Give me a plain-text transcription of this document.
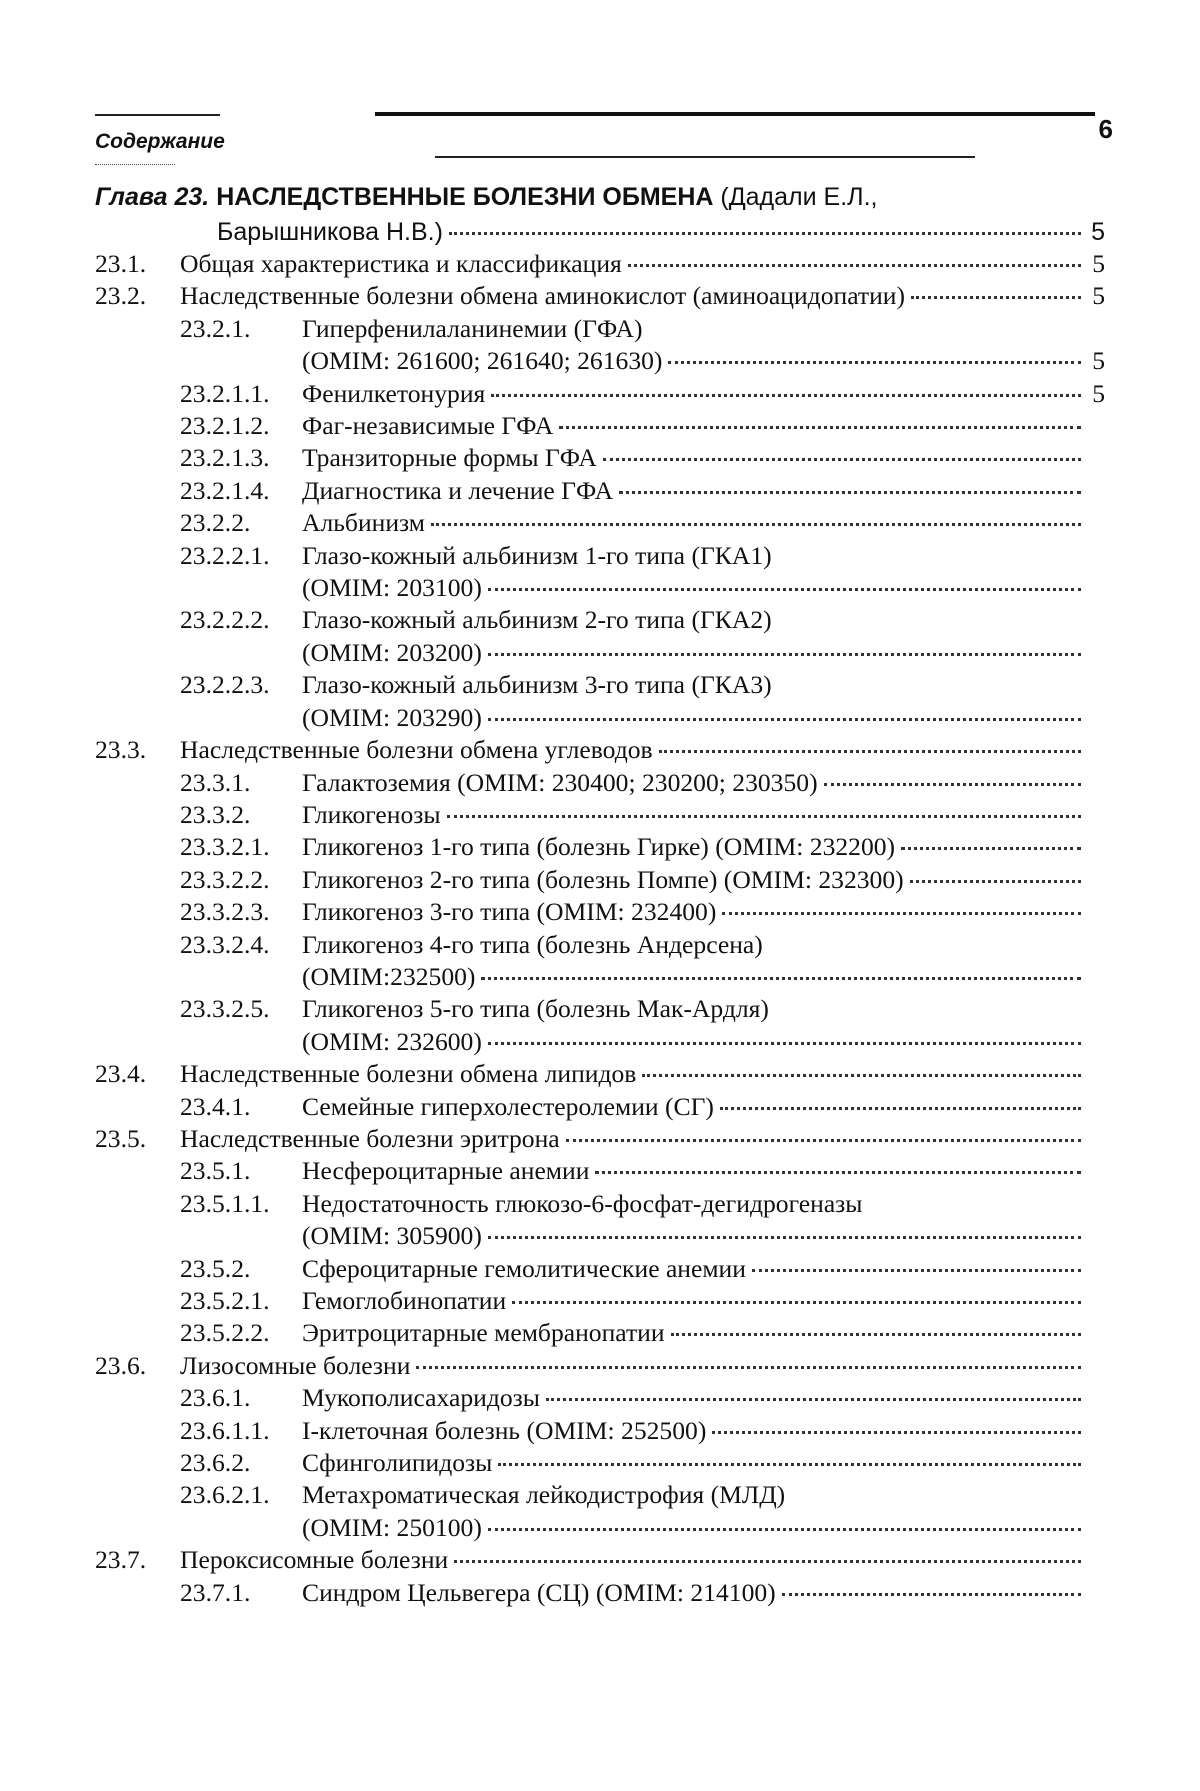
Содержание	6
Глава 23. НАСЛЕДСТВЕННЫЕ БОЛЕЗНИ ОБМЕНА (Дадали Е.Л.,
Барышникова Н.В.)	5
23.1.	Общая характеристика и классификация	5
23.2.	Наследственные болезни обмена аминокислот (аминоацидопатии)	5
23.2.1.	Гиперфенилаланинемии (ГФА)
(OMIM: 261600; 261640; 261630)	5
23.2.1.1.	Фенилкетонурия	5
23.2.1.2.	Фаг-независимые ГФА
23.2.1.3.	Транзиторные формы ГФА
23.2.1.4.	Диагностика и лечение ГФА
23.2.2.	Альбинизм
23.2.2.1.	Глазо-кожный альбинизм 1-го типа (ГКА1)
(OMIM: 203100)
23.2.2.2.	Глазо-кожный альбинизм 2-го типа (ГКА2)
(OMIM: 203200)
23.2.2.3.	Глазо-кожный альбинизм 3-го типа (ГКА3)
(OMIM: 203290)
23.3.	Наследственные болезни обмена углеводов
23.3.1.	Галактоземия (OMIM: 230400; 230200; 230350)
23.3.2.	Гликогенозы
23.3.2.1.	Гликогеноз 1-го типа (болезнь Гирке) (OMIM: 232200)
23.3.2.2.	Гликогеноз 2-го типа (болезнь Помпе) (OMIM: 232300)
23.3.2.3.	Гликогеноз 3-го типа (OMIM: 232400)
23.3.2.4.	Гликогеноз 4-го типа (болезнь Андерсена)
(OMIM:232500)
23.3.2.5.	Гликогеноз 5-го типа (болезнь Мак-Ардля)
(OMIM: 232600)
23.4.	Наследственные болезни обмена липидов
23.4.1.	Семейные гиперхолестеролемии (СГ)
23.5.	Наследственные болезни эритрона
23.5.1.	Несфероцитарные анемии
23.5.1.1.	Недостаточность глюкозо-6-фосфат-дегидрогеназы
(OMIM: 305900)
23.5.2.	Сфероцитарные гемолитические анемии
23.5.2.1.	Гемоглобинопатии
23.5.2.2.	Эритроцитарные мембранопатии
23.6.	Лизосомные болезни
23.6.1.	Мукополисахаридозы
23.6.1.1.	I-клеточная болезнь (OMIM: 252500)
23.6.2.	Сфинголипидозы
23.6.2.1.	Метахроматическая лейкодистрофия (МЛД)
(OMIM: 250100)
23.7.	Пероксисомные болезни
23.7.1.	Синдром Цельвегера (СЦ) (OMIM: 214100)
